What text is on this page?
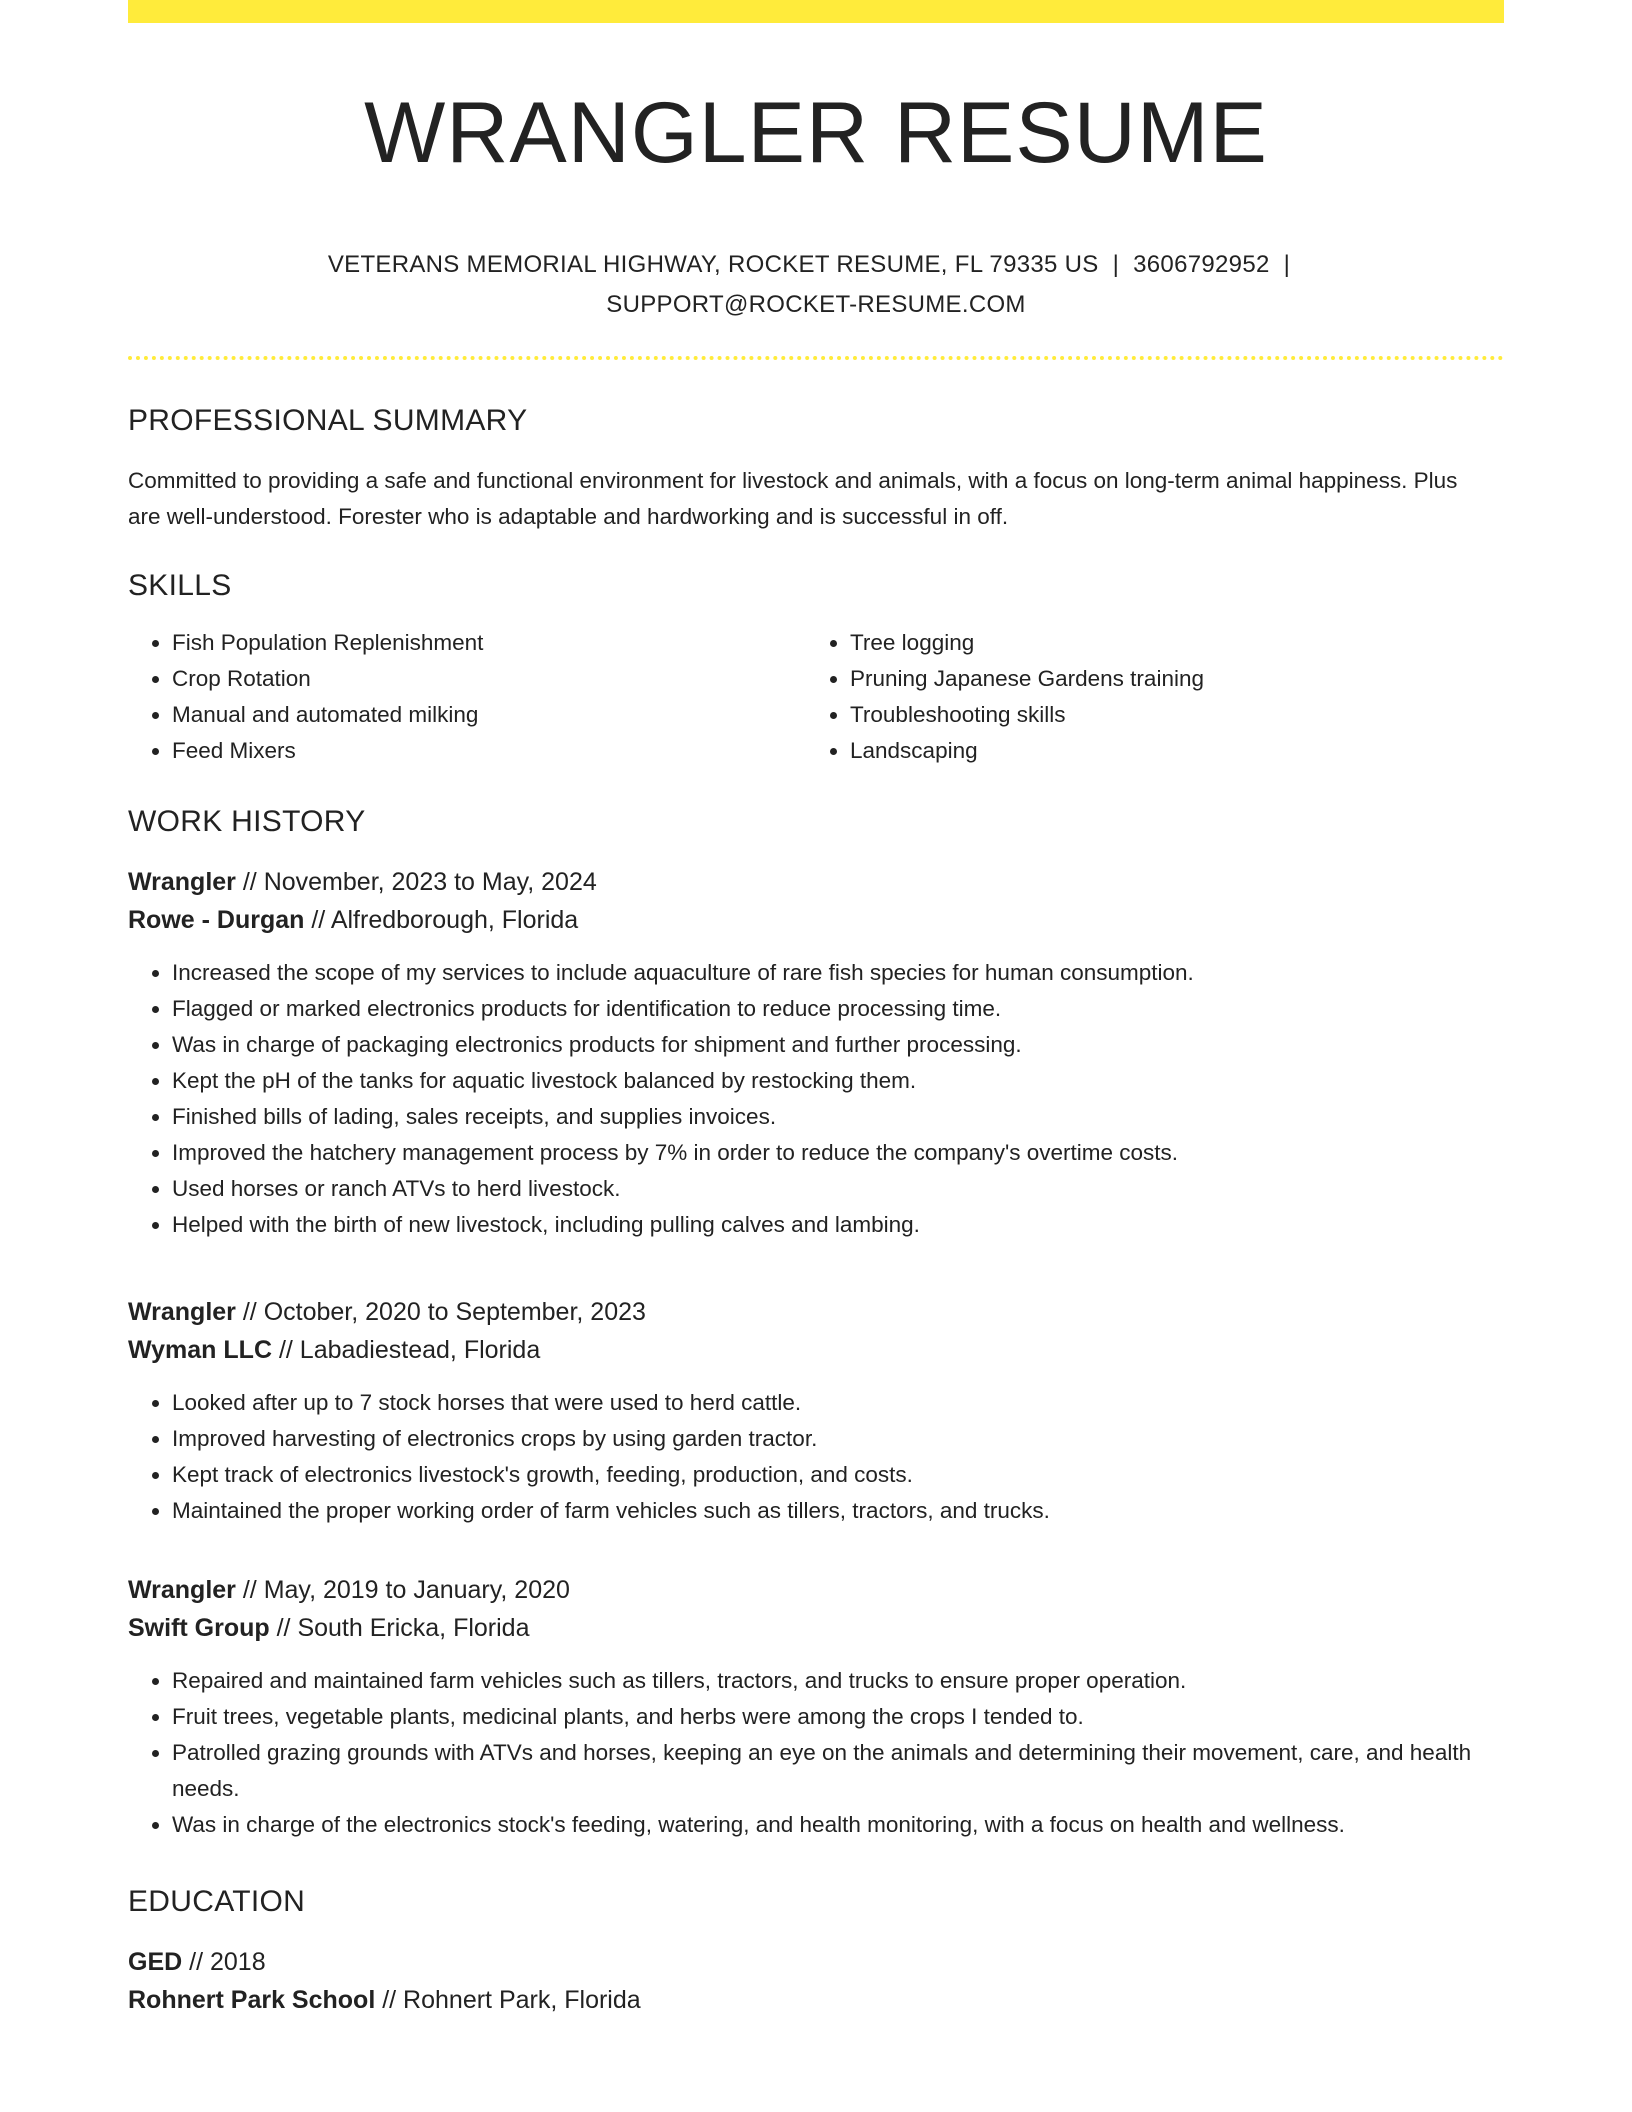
WRANGLER RESUME
VETERANS MEMORIAL HIGHWAY, ROCKET RESUME, FL 79335 US | 3606792952 |
SUPPORT@ROCKET-RESUME.COM
PROFESSIONAL SUMMARY

Committed to providing a safe and functional environment for livestock and animals, with a focus on long-term animal happiness. Plus are well-understood. Forester who is adaptable and hardworking and is successful in off.

SKILLS
• Fish Population Replenishment
• Crop Rotation
• Manual and automated milking
• Feed Mixers
• Tree logging
• Pruning Japanese Gardens training
• Troubleshooting skills
• Landscaping
WORK HISTORY
Wrangler // November, 2023 to May, 2024
Rowe - Durgan // Alfredborough, Florida
• Increased the scope of my services to include aquaculture of rare fish species for human consumption.
• Flagged or marked electronics products for identification to reduce processing time.
• Was in charge of packaging electronics products for shipment and further processing.
• Kept the pH of the tanks for aquatic livestock balanced by restocking them.
• Finished bills of lading, sales receipts, and supplies invoices.
• Improved the hatchery management process by 7% in order to reduce the company's overtime costs.
• Used horses or ranch ATVs to herd livestock.
• Helped with the birth of new livestock, including pulling calves and lambing.
Wrangler // October, 2020 to September, 2023
Wyman LLC // Labadiestead, Florida
• Looked after up to 7 stock horses that were used to herd cattle.
• Improved harvesting of electronics crops by using garden tractor.
• Kept track of electronics livestock's growth, feeding, production, and costs.
• Maintained the proper working order of farm vehicles such as tillers, tractors, and trucks.
Wrangler // May, 2019 to January, 2020
Swift Group // South Ericka, Florida
• Repaired and maintained farm vehicles such as tillers, tractors, and trucks to ensure proper operation.
• Fruit trees, vegetable plants, medicinal plants, and herbs were among the crops I tended to.
• Patrolled grazing grounds with ATVs and horses, keeping an eye on the animals and determining their movement, care, and health needs.
• Was in charge of the electronics stock's feeding, watering, and health monitoring, with a focus on health and wellness.
EDUCATION
GED // 2018
Rohnert Park School // Rohnert Park, Florida
